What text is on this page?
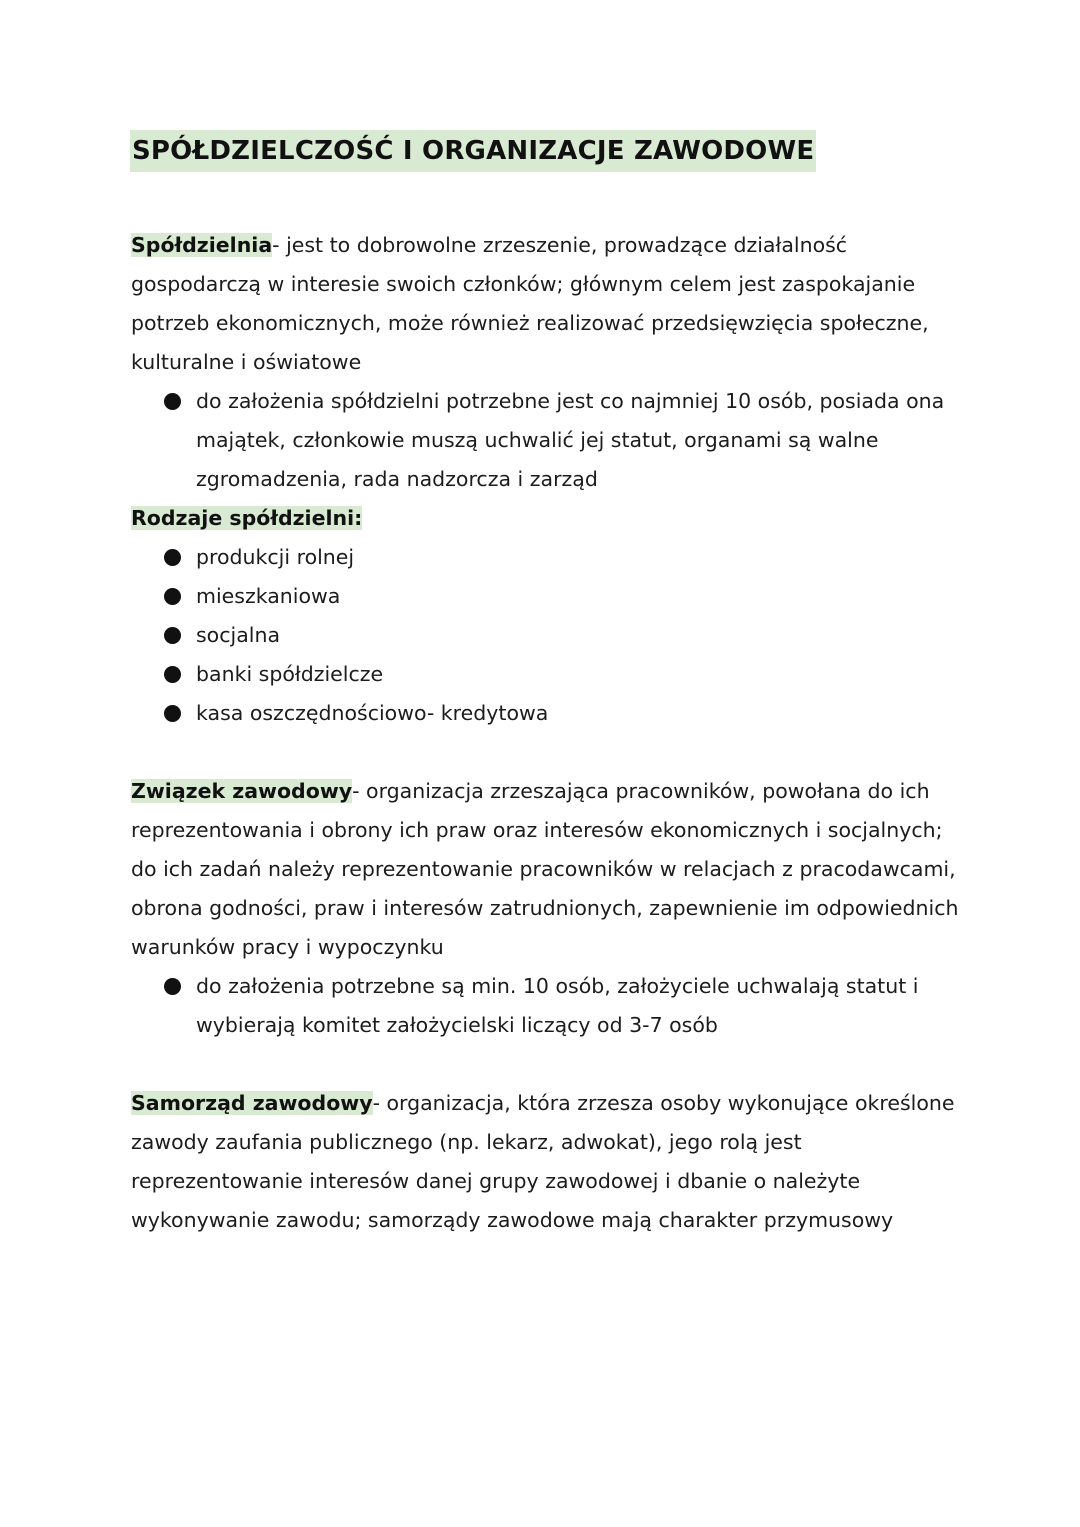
SPÓŁDZIELCZOŚĆ I ORGANIZACJE ZAWODOWE
Spółdzielnia- jest to dobrowolne zrzeszenie, prowadzące działalność
gospodarczą w interesie swoich członków; głównym celem jest zaspokajanie
potrzeb ekonomicznych, może również realizować przedsięwzięcia społeczne,
kulturalne i oświatowe
do założenia spółdzielni potrzebne jest co najmniej 10 osób, posiada ona
majątek, członkowie muszą uchwalić jej statut, organami są walne
zgromadzenia, rada nadzorcza i zarząd
Rodzaje spółdzielni:
produkcji rolnej
mieszkaniowa
socjalna
banki spółdzielcze
kasa oszczędnościowo- kredytowa
Związek zawodowy- organizacja zrzeszająca pracowników, powołana do ich
reprezentowania i obrony ich praw oraz interesów ekonomicznych i socjalnych;
do ich zadań należy reprezentowanie pracowników w relacjach z pracodawcami,
obrona godności, praw i interesów zatrudnionych, zapewnienie im odpowiednich
warunków pracy i wypoczynku
do założenia potrzebne są min. 10 osób, założyciele uchwalają statut i
wybierają komitet założycielski liczący od 3-7 osób
Samorząd zawodowy- organizacja, która zrzesza osoby wykonujące określone
zawody zaufania publicznego (np. lekarz, adwokat), jego rolą jest
reprezentowanie interesów danej grupy zawodowej i dbanie o należyte
wykonywanie zawodu; samorządy zawodowe mają charakter przymusowy
